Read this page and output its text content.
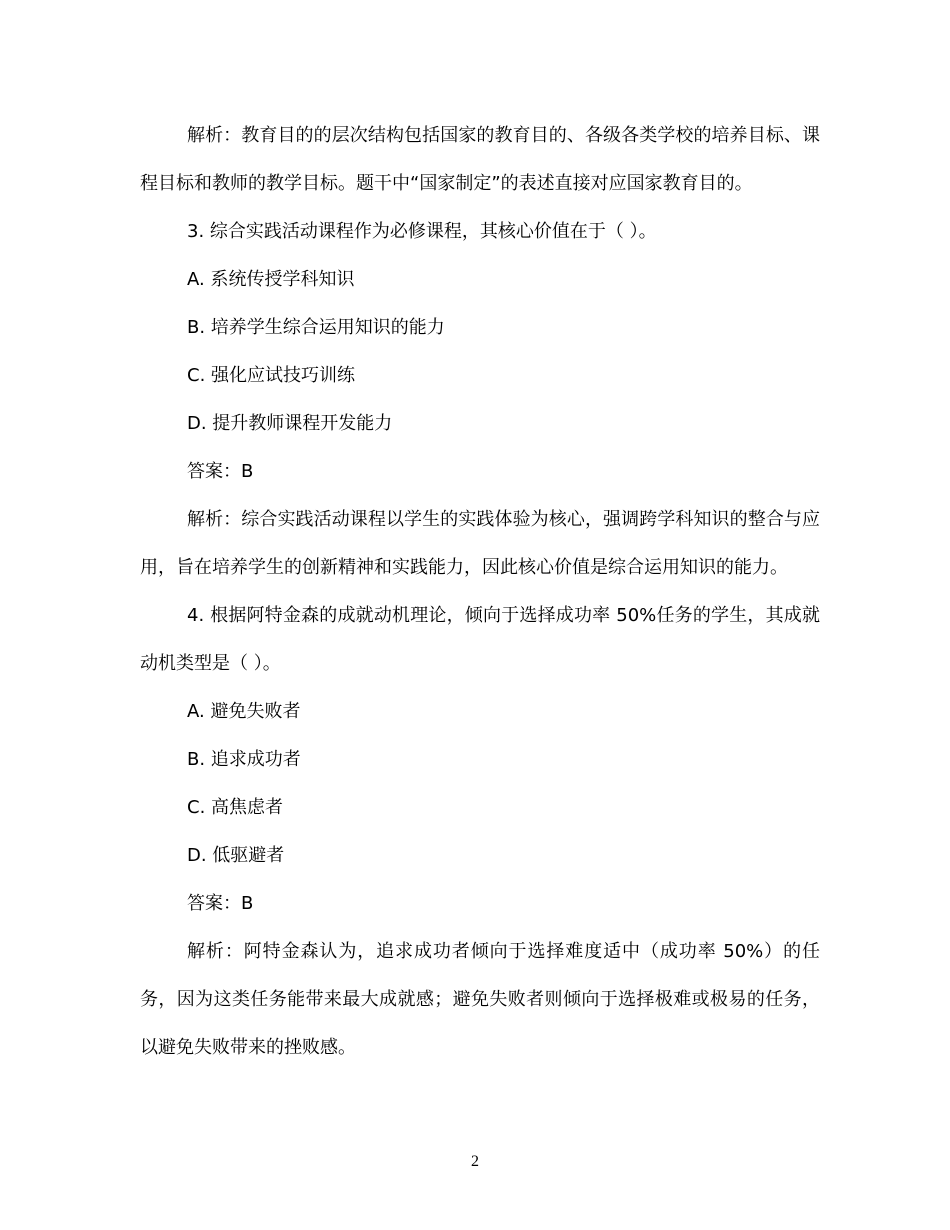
解析：教育目的的层次结构包括国家的教育目的、各级各类学校的培养目标、课程目标和教师的教学目标。题干中“国家制定”的表述直接对应国家教育目的。

3. 综合实践活动课程作为必修课程，其核心价值在于（ ）。

A. 系统传授学科知识

B. 培养学生综合运用知识的能力

C. 强化应试技巧训练

D. 提升教师课程开发能力

答案：B

解析：综合实践活动课程以学生的实践体验为核心，强调跨学科知识的整合与应用，旨在培养学生的创新精神和实践能力，因此核心价值是综合运用知识的能力。

4. 根据阿特金森的成就动机理论，倾向于选择成功率 50%任务的学生，其成就动机类型是（ ）。

A. 避免失败者

B. 追求成功者

C. 高焦虑者

D. 低驱避者

答案：B

解析：阿特金森认为，追求成功者倾向于选择难度适中（成功率 50%）的任务，因为这类任务能带来最大成就感；避免失败者则倾向于选择极难或极易的任务，以避免失败带来的挫败感。

2
